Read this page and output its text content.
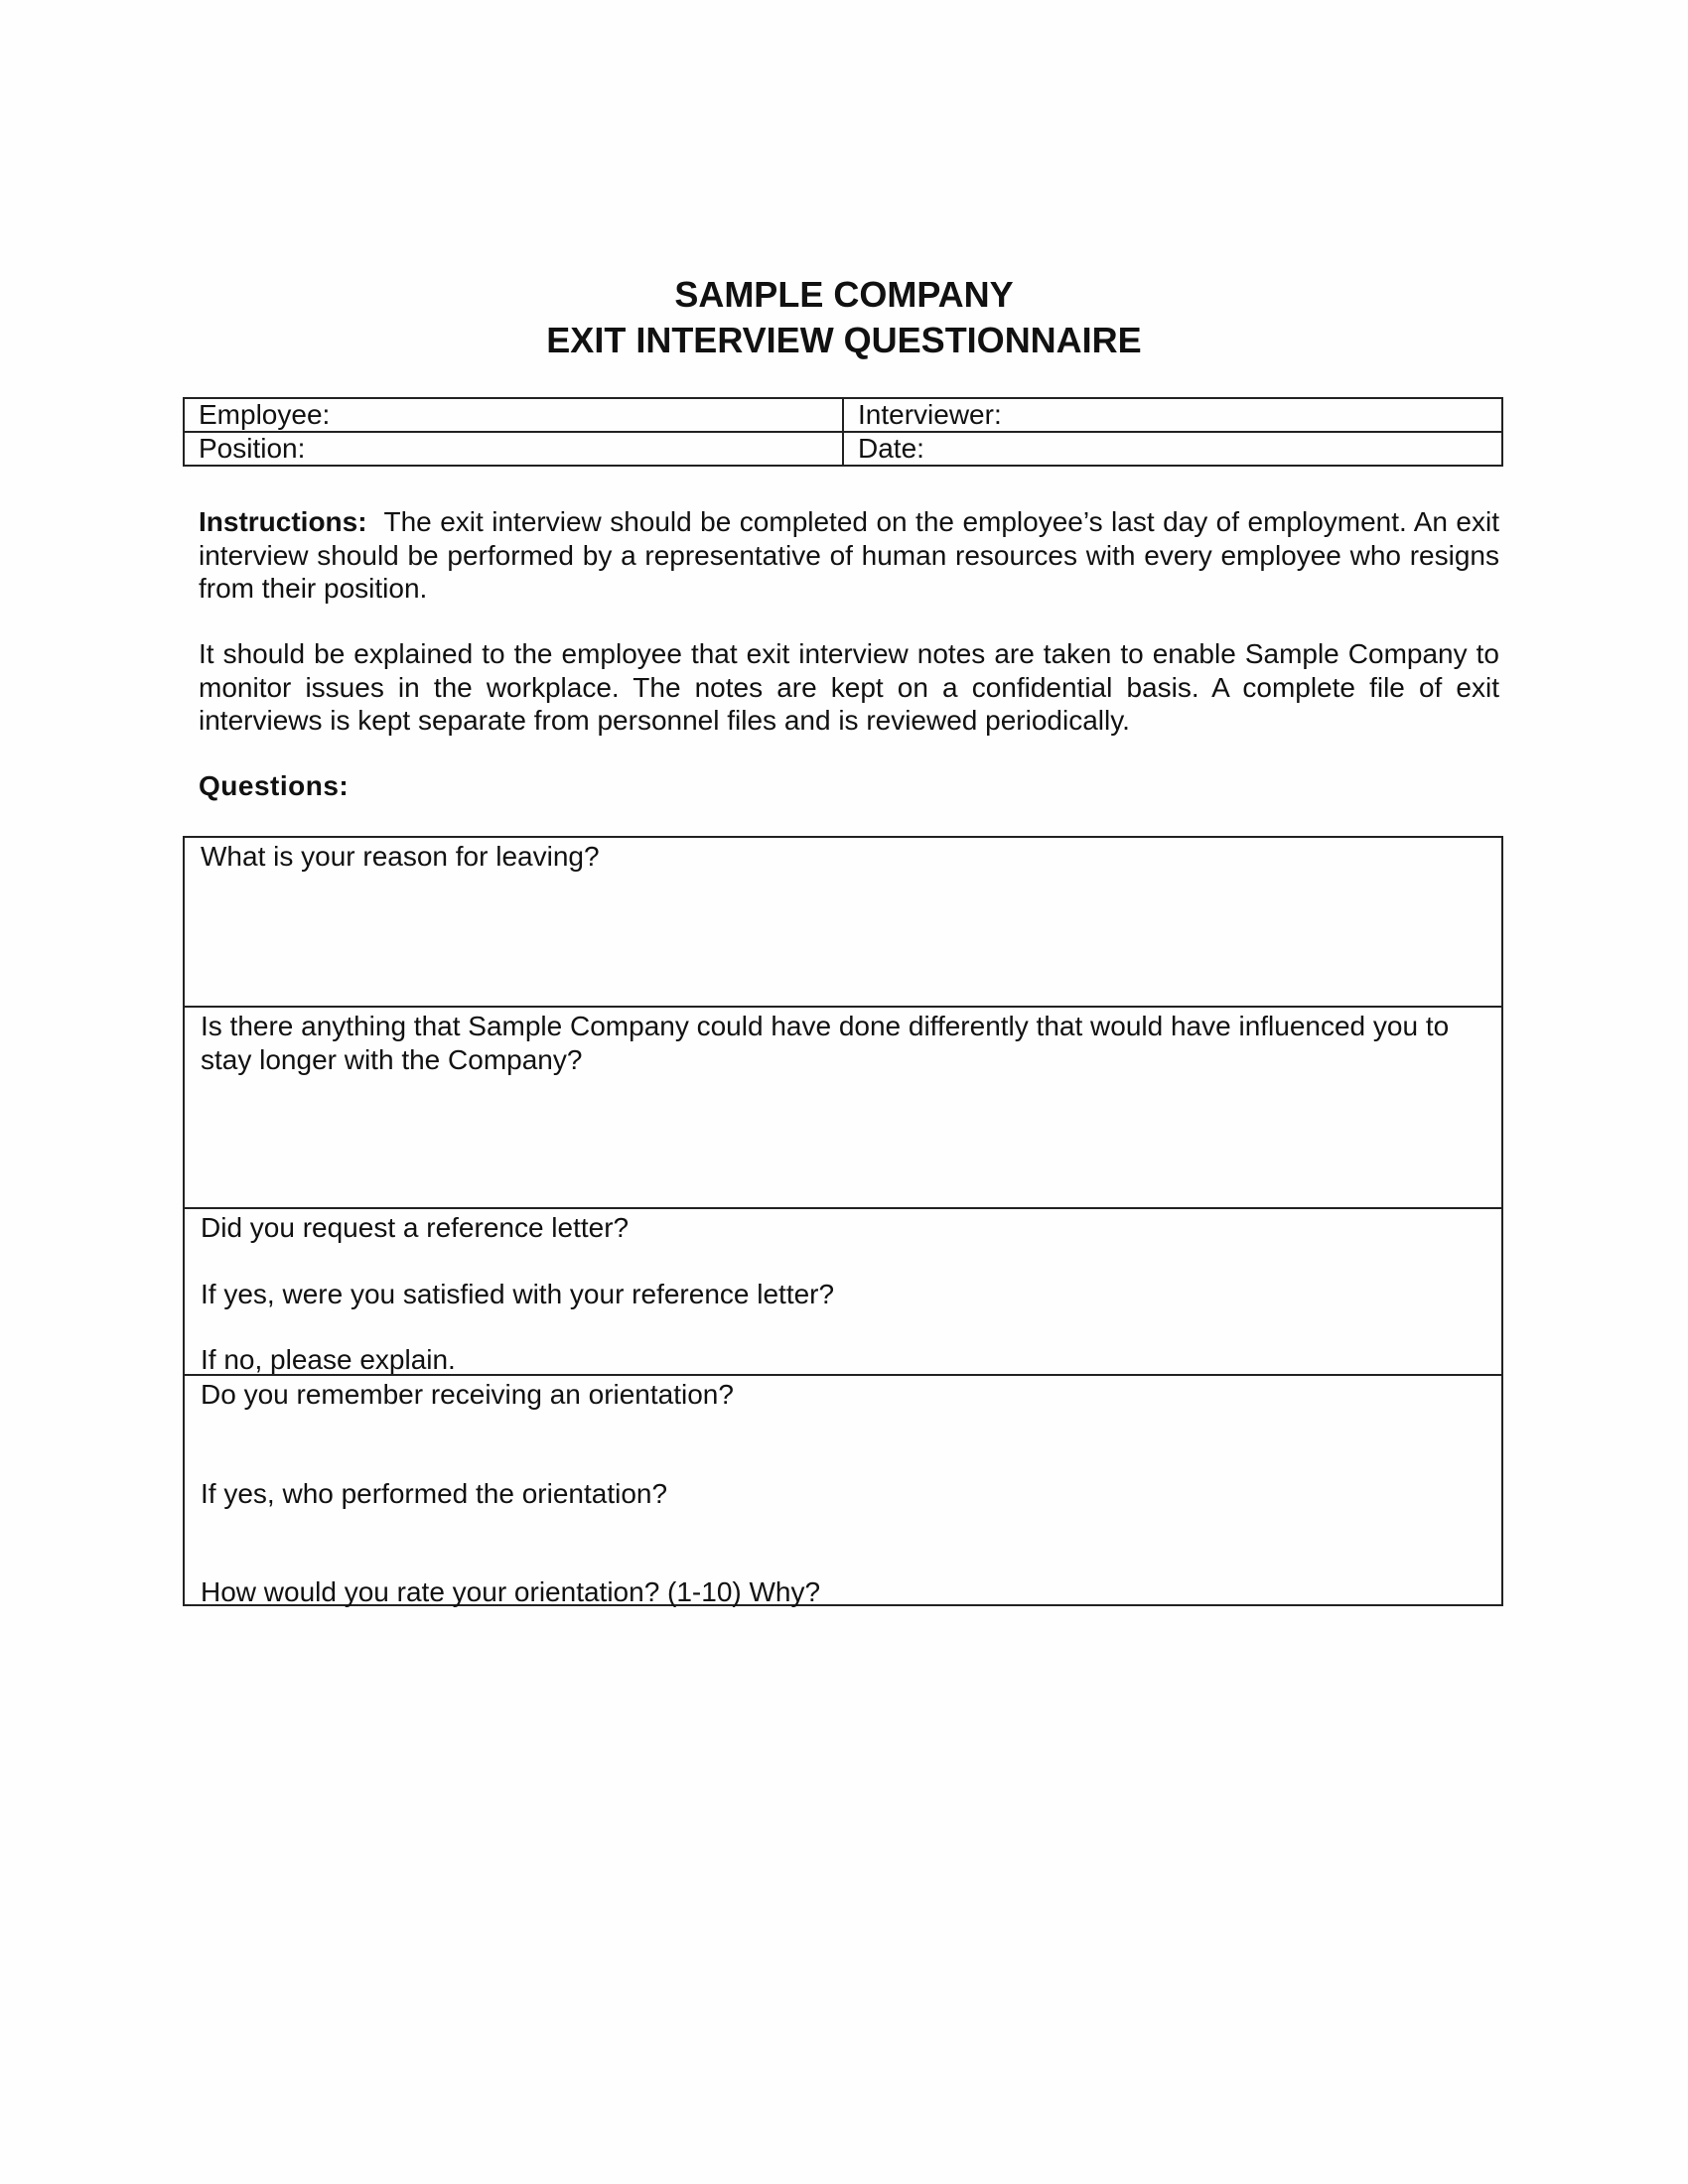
SAMPLE COMPANY
EXIT INTERVIEW QUESTIONNAIRE
Employee:	Interviewer:
Position:	Date:

Instructions: The exit interview should be completed on the employee’s last day of employment. An exit interview should be performed by a representative of human resources with every employee who resigns from their position.

It should be explained to the employee that exit interview notes are taken to enable Sample Company to monitor issues in the workplace. The notes are kept on a confidential basis. A complete file of exit interviews is kept separate from personnel files and is reviewed periodically.

Questions:

What is your reason for leaving?

Is there anything that Sample Company could have done differently that would have influenced you to stay longer with the Company?

Did you request a reference letter?

If yes, were you satisfied with your reference letter?

If no, please explain.

Do you remember receiving an orientation?

If yes, who performed the orientation?

How would you rate your orientation? (1-10) Why?
